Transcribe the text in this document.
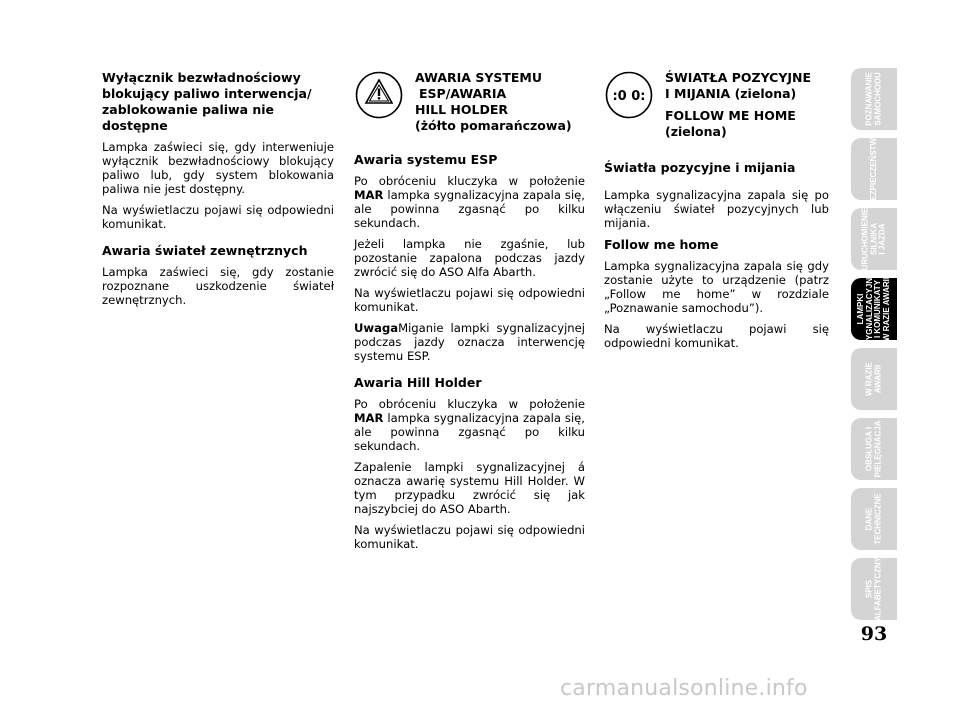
Wyłącznik bezwładnościowy blokujący paliwo interwencja/ zablokowanie paliwa nie dostępne

Lampka zaświeci się, gdy interweniuje wyłącznik bezwładnościowy blokujący paliwo lub, gdy system blokowania paliwa nie jest dostępny.

Na wyświetlaczu pojawi się odpowiedni komunikat.

Awaria świateł zewnętrznych

Lampka zaświeci się, gdy zostanie rozpoznane uszkodzenie świateł zewnętrznych.

AWARIA SYSTEMU
ESP/AWARIA
HILL HOLDER
(żółto pomarańczowa)
Awaria systemu ESP

Po obróceniu kluczyka w położenie MAR lampka sygnalizacyjna zapala się, ale powinna zgasnąć po kilku sekundach.

Jeżeli lampka nie zgaśnie, lub pozostanie zapalona podczas jazdy zwrócić się do ASO Alfa Abarth.

Na wyświetlaczu pojawi się odpowiedni komunikat.

UwagaMiganie lampki sygnalizacyjnej podczas jazdy oznacza interwencję systemu ESP.

Awaria Hill Holder

Po obróceniu kluczyka w położenie MAR lampka sygnalizacyjna zapala się, ale powinna zgasnąć po kilku sekundach.

Zapalenie lampki sygnalizacyjnej á oznacza awarię systemu Hill Holder. W tym przypadku zwrócić się jak najszybciej do ASO Abarth.

Na wyświetlaczu pojawi się odpowiedni komunikat.

:0 0:
ŚWIATŁA POZYCYJNE
I MIJANIA (zielona)
FOLLOW ME HOME
(zielona)
Światła pozycyjne i mijania

Lampka sygnalizacyjna zapala się po włączeniu świateł pozycyjnych lub mijania.

Follow me home

Lampka sygnalizacyjna zapala się gdy zostanie użyte to urządzenie (patrz „Follow me home” w rozdziale „Poznawanie samochodu”).

Na wyświetlaczu pojawi się odpowiedni komunikat.

POZNAWANIE
SAMOCHODU
BEZPIECZEŃSTWO
URUCHOMIENIE
SILNIKA
I JAZDA
LAMPKI
SYGNALIZACYJNE
I KOMUNIKATY
W RAZIE AWARII
W RAZIE
AWARII
OBSŁUGA I
PIELĘGNACJA
DANE
TECHNICZNE
SPIS
ALFABETYCZNY
93
carmanualsonline.info
